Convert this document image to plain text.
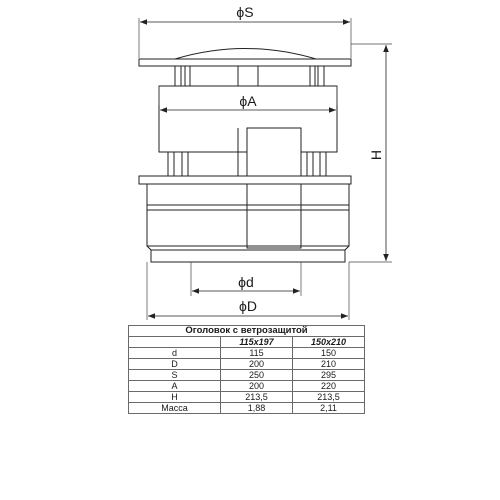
ϕS
ϕA
ϕd
ϕD
H
Оголовок с ветрозащитой		
	115x197	150x210
d	115	150
D	200	210
S	250	295
A	200	220
H	213,5	213,5
Масса	1,88	2,11
